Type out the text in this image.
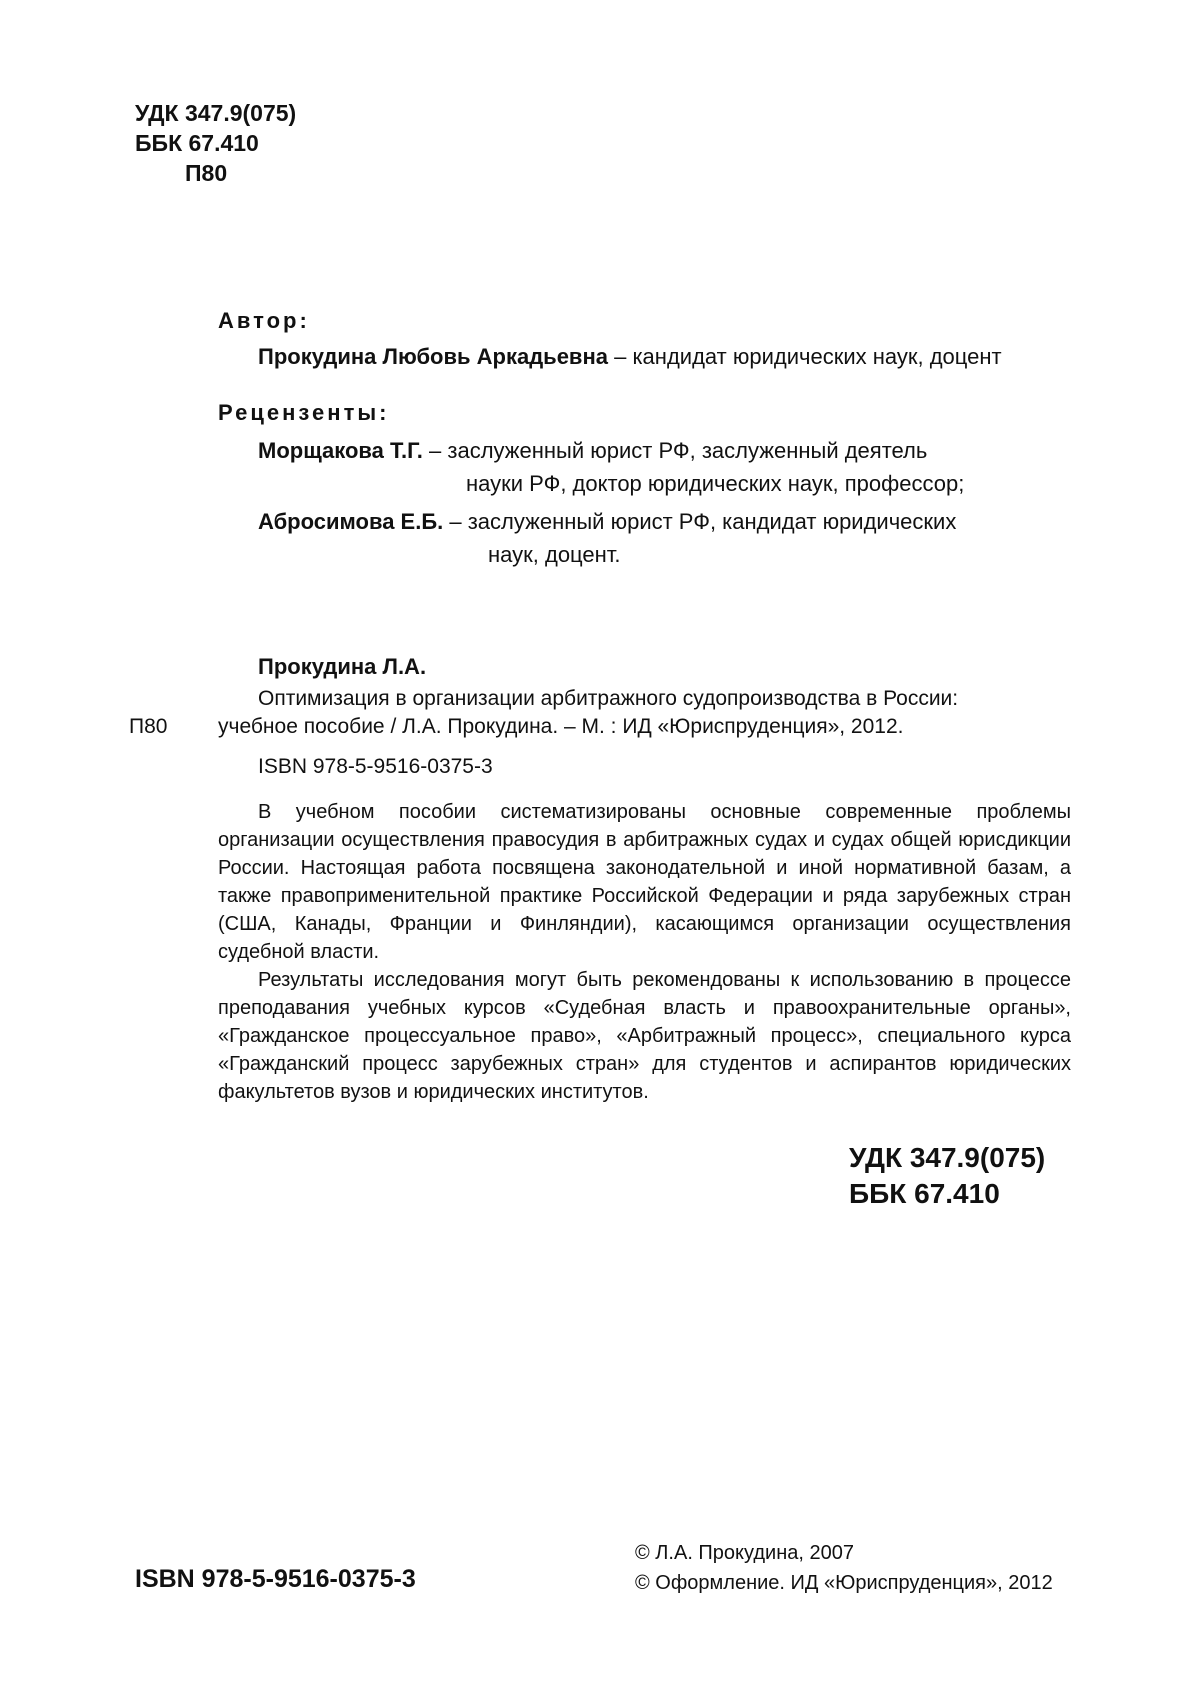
УДК 347.9(075)
ББК 67.410
П80
Автор:
Прокудина Любовь Аркадьевна – кандидат юридических наук, доцент
Рецензенты:
Морщакова Т.Г. – заслуженный юрист РФ, заслуженный деятель
науки РФ, доктор юридических наук, профессор;
Абросимова Е.Б. – заслуженный юрист РФ, кандидат юридических
наук, доцент.
Прокудина Л.А.
Оптимизация в организации арбитражного судопроизводства в России:
П80 учебное пособие / Л.А. Прокудина. – М. : ИД «Юриспруденция», 2012.
ISBN 978-5-9516-0375-3

В учебном пособии систематизированы основные современные проблемы организации осуществления правосудия в арбитражных судах и судах общей юрисдикции России. Настоящая работа посвящена законодательной и иной нормативной базам, а также правоприменительной практике Российской Федерации и ряда зарубежных стран (США, Канады, Франции и Финляндии), касающимся организации осуществления судебной власти.

Результаты исследования могут быть рекомендованы к использованию в процессе преподавания учебных курсов «Судебная власть и правоохранительные органы», «Гражданское процессуальное право», «Арбитражный процесс», специального курса «Гражданский процесс зарубежных стран» для студентов и аспирантов юридических факультетов вузов и юридических институтов.

УДК 347.9(075)
ББК 67.410
ISBN 978-5-9516-0375-3
© Л.А. Прокудина, 2007
© Оформление. ИД «Юриспруденция», 2012
